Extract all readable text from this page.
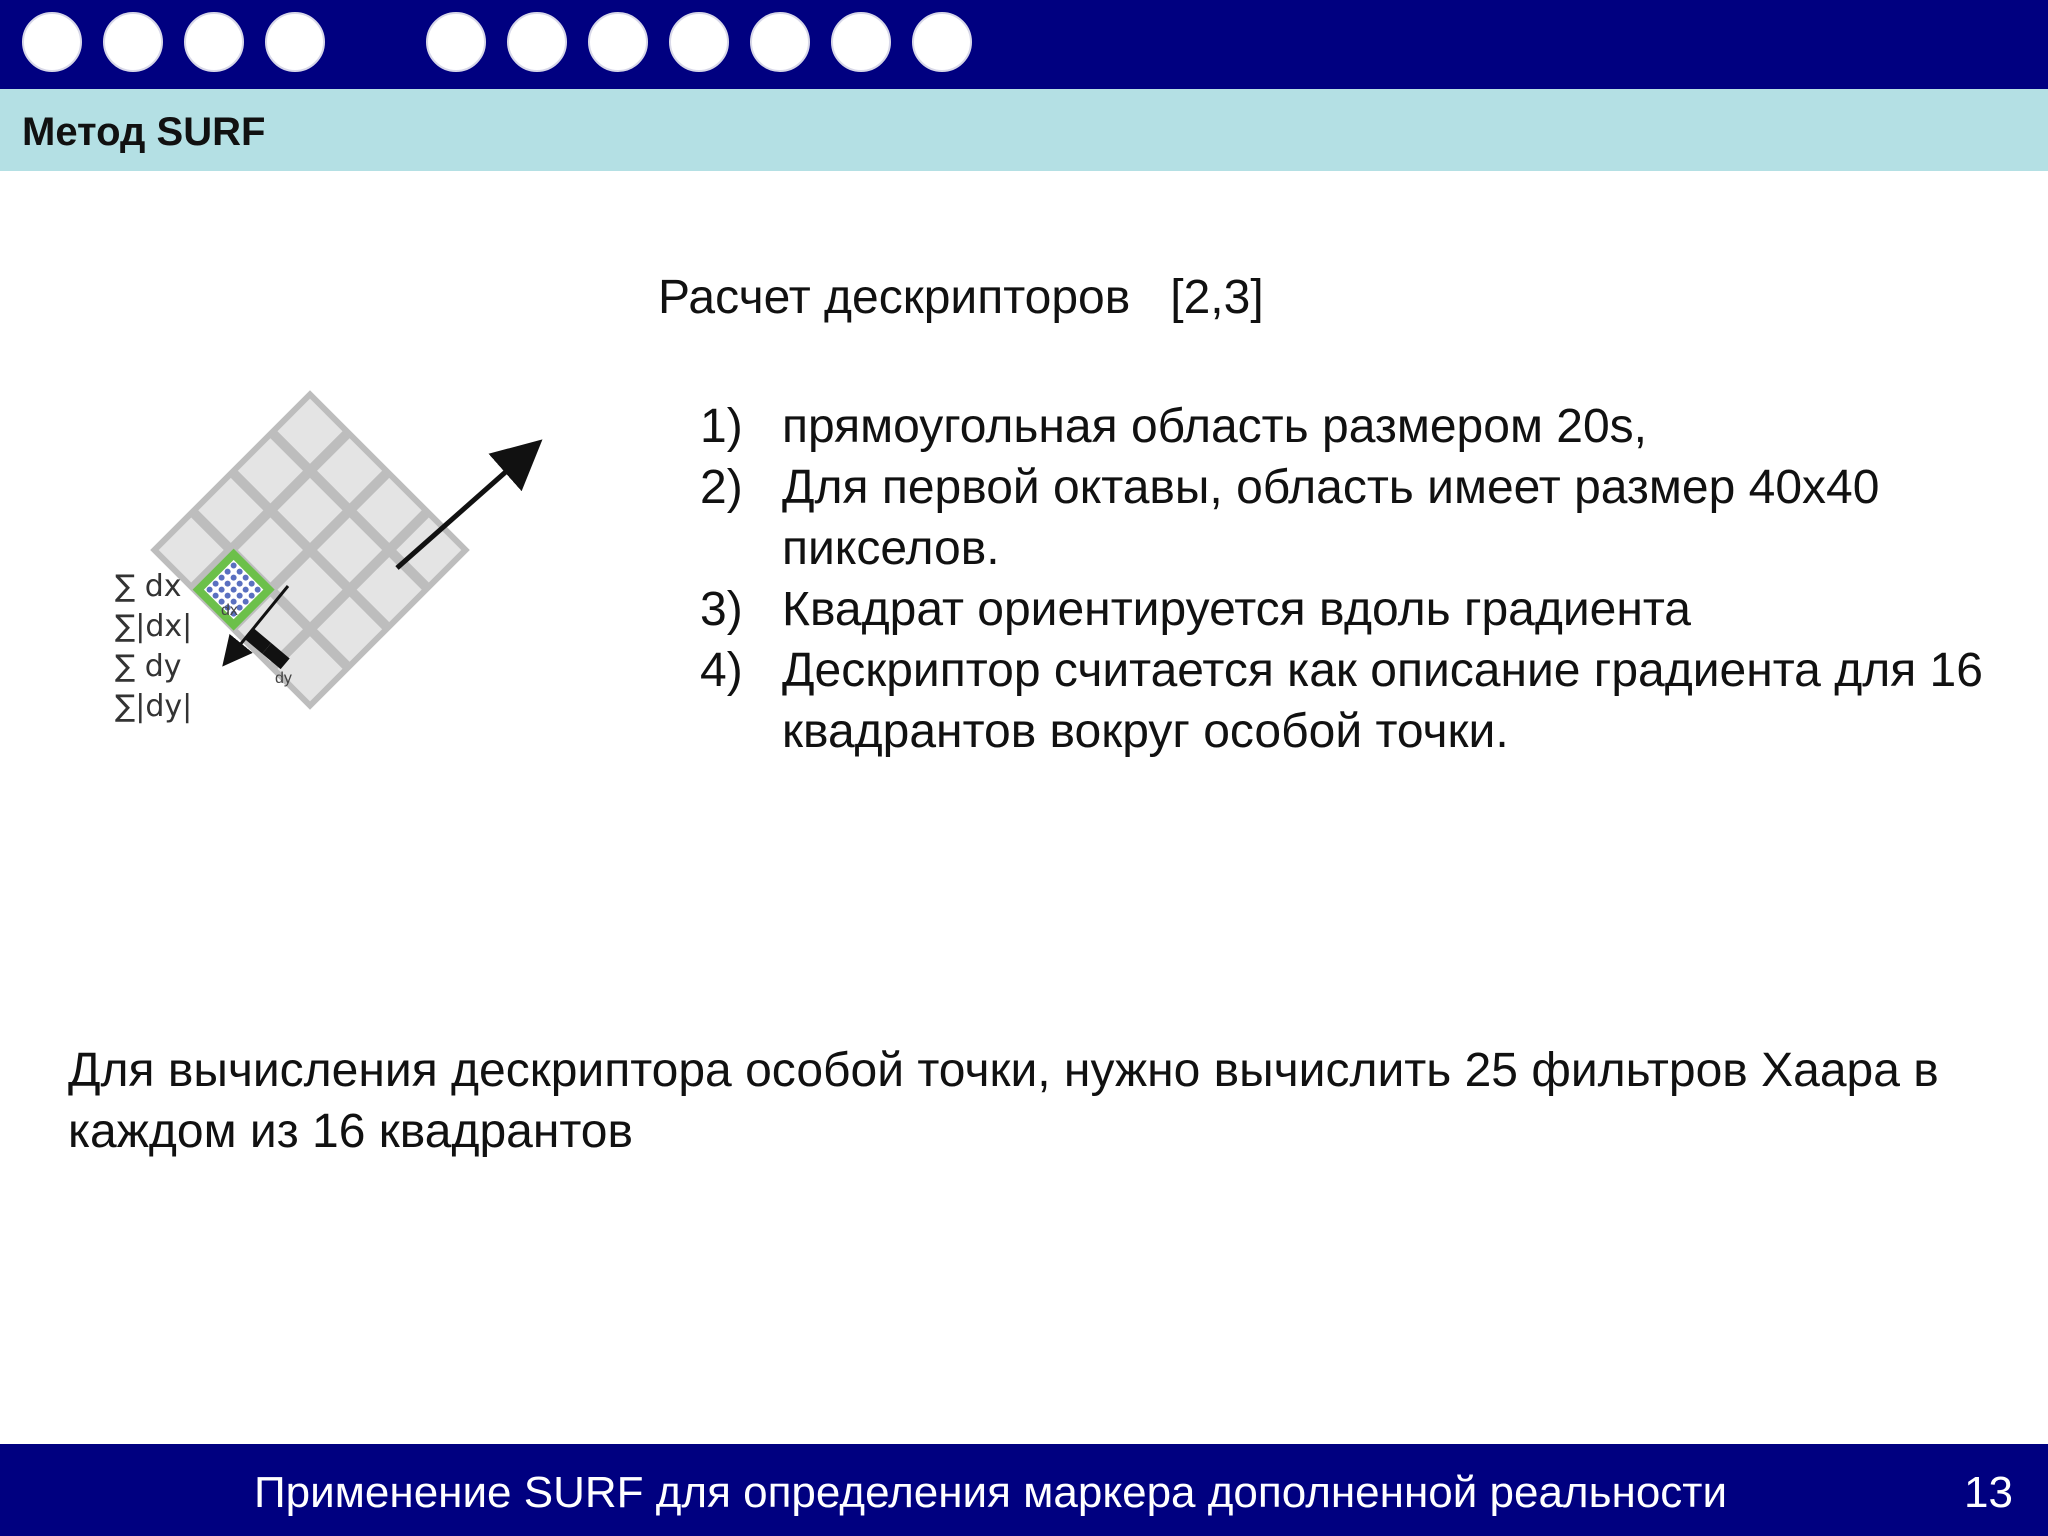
Метод SURF
Расчет дескрипторов   [2,3]
1) прямоугольная область размером 20s,
2) Для первой октавы, область имеет размер 40x40 пикселов.
3) Квадрат ориентируется вдоль градиента
4) Дескриптор считается как описание градиента для 16 квадрантов вокруг особой точки.
dx
dy
∑ dx
∑|dx|
∑ dy
∑|dy|
Для вычисления дескриптора особой точки, нужно вычислить 25 фильтров Хаара в каждом из 16 квадрантов
Применение SURF для определения маркера дополненной реальности	13
